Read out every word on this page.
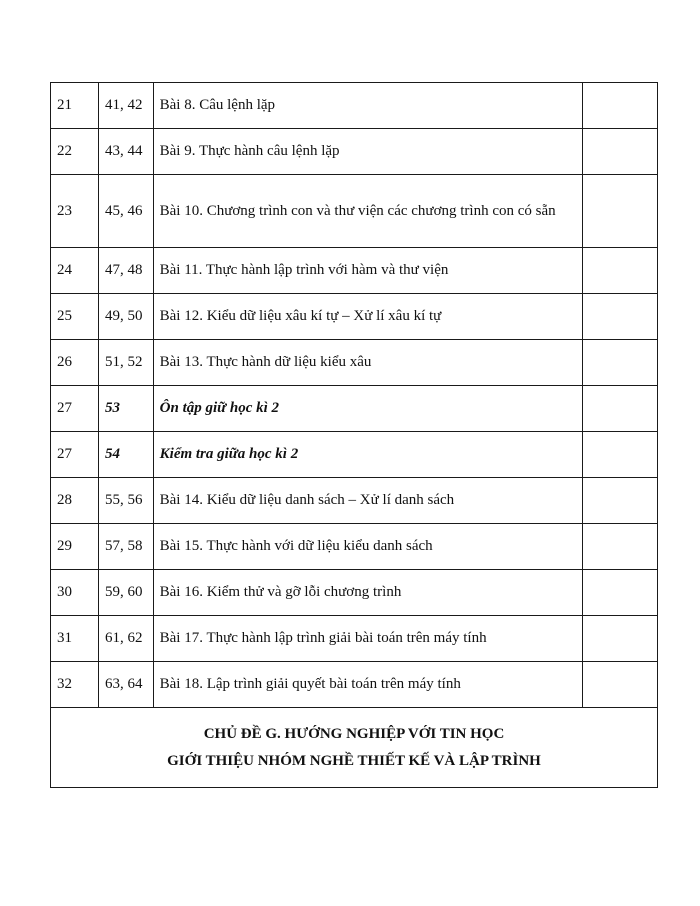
21	41, 42	Bài 8. Câu lệnh lặp	
22	43, 44	Bài 9. Thực hành câu lệnh lặp	
23	45, 46	Bài 10. Chương trình con và thư viện các chương trình con có sẵn	
24	47, 48	Bài 11. Thực hành lập trình với hàm và thư viện	
25	49, 50	Bài 12. Kiểu dữ liệu xâu kí tự – Xử lí xâu kí tự	
26	51, 52	Bài 13. Thực hành dữ liệu kiểu xâu	
27	53	Ôn tập giữ học kì 2	
27	54	Kiểm tra giữa học kì 2	
28	55, 56	Bài 14. Kiểu dữ liệu danh sách – Xử lí danh sách	
29	57, 58	Bài 15. Thực hành với dữ liệu kiểu danh sách	
30	59, 60	Bài 16. Kiểm thử và gỡ lỗi chương trình	
31	61, 62	Bài 17. Thực hành lập trình giải bài toán trên máy tính	
32	63, 64	Bài 18. Lập trình giải quyết bài toán trên máy tính	

CHỦ ĐỀ G. HƯỚNG NGHIỆP VỚI TIN HỌC
GIỚI THIỆU NHÓM NGHỀ THIẾT KẾ VÀ LẬP TRÌNH			
